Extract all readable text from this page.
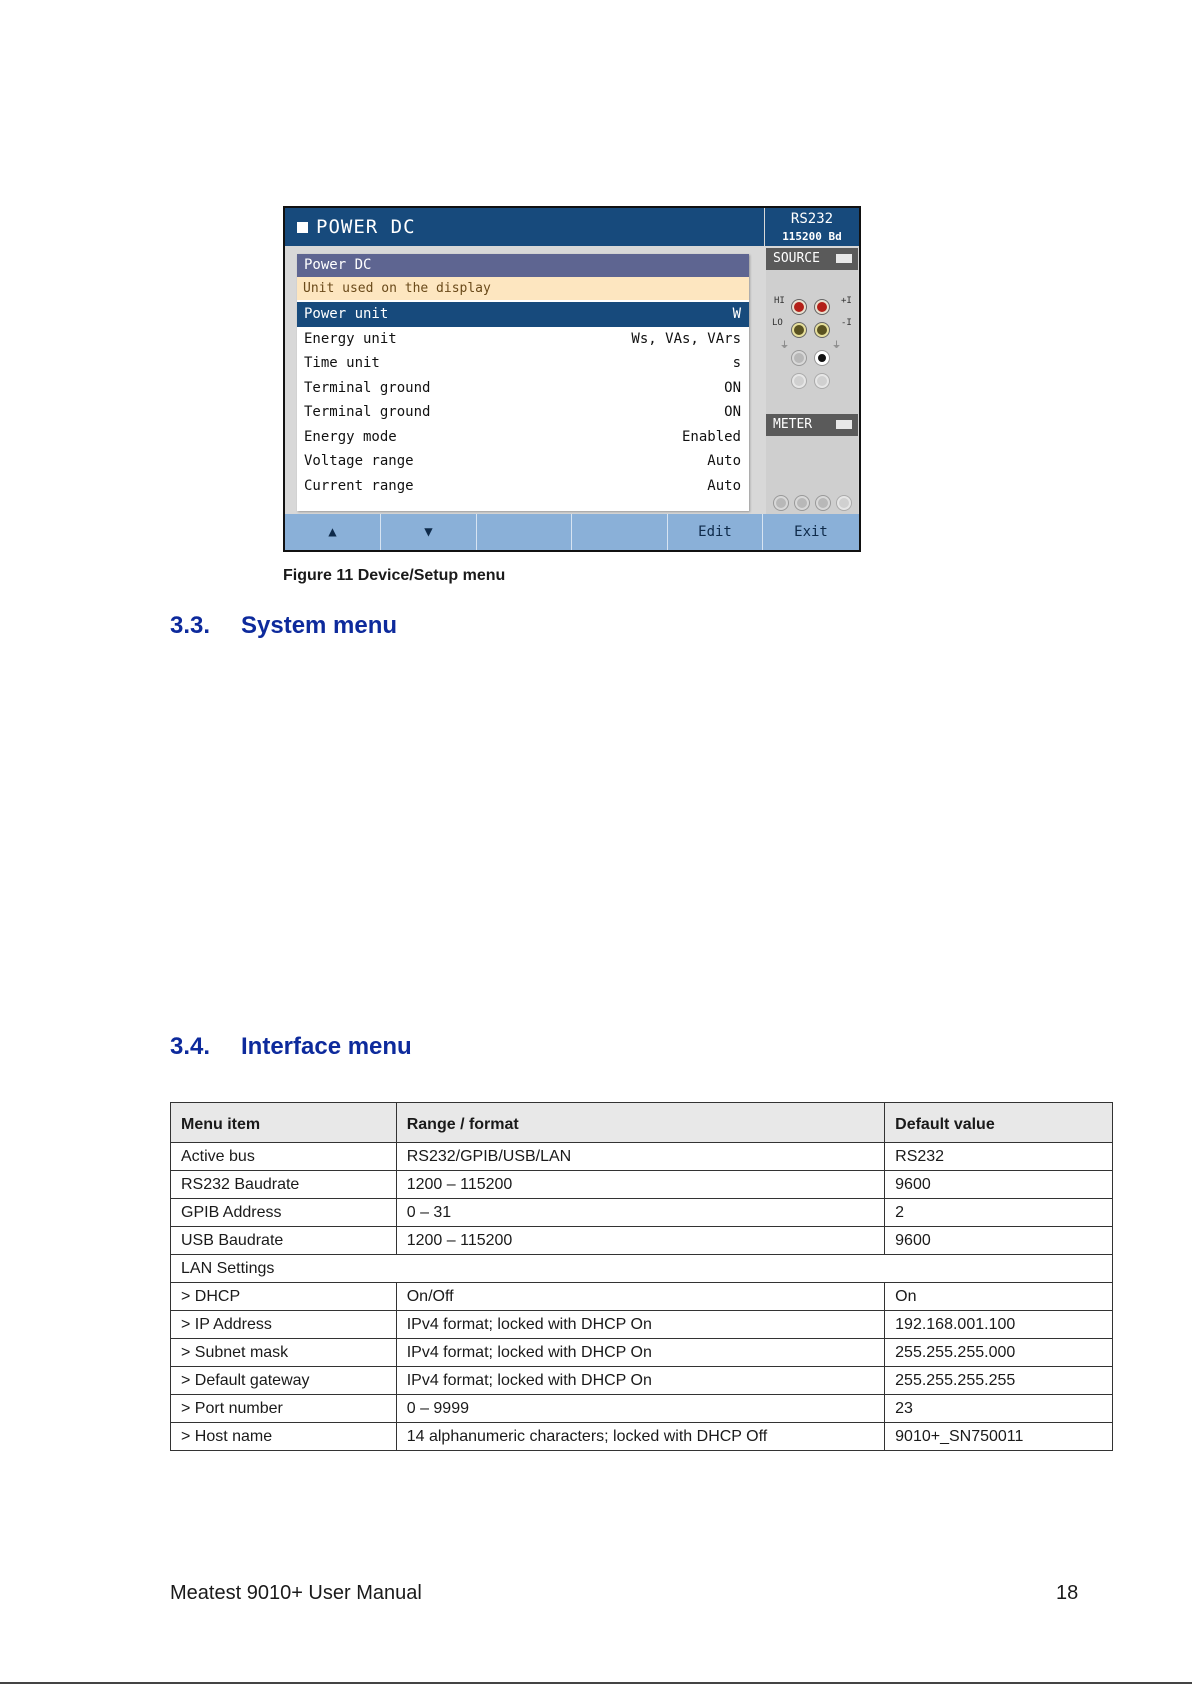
POWER DC	RS232
115200 Bd
Power DC
Unit used on the display
Power unit	W
Energy unit	Ws, VAs, VArs
Time unit	s
Terminal ground	ON
Terminal ground	ON
Energy mode	Enabled
Voltage range	Auto
Current range	Auto
SOURCE
HI	+I
LO	-I
⏚	⏚
METER
▲	▼	Edit	Exit
Figure 11 Device/Setup menu
3.3. System menu
3.4. Interface menu
Menu item	Range / format	Default value
Active bus	RS232/GPIB/USB/LAN	RS232
RS232 Baudrate	1200 – 115200	9600
GPIB Address	0 – 31	2
USB Baudrate	1200 – 115200	9600
LAN Settings		
> DHCP	On/Off	On
> IP Address	IPv4 format; locked with DHCP On	192.168.001.100
> Subnet mask	IPv4 format; locked with DHCP On	255.255.255.000
> Default gateway	IPv4 format; locked with DHCP On	255.255.255.255
> Port number	0 – 9999	23
> Host name	14 alphanumeric characters; locked with DHCP Off	9010+_SN750011
Meatest 9010+ User Manual	18
